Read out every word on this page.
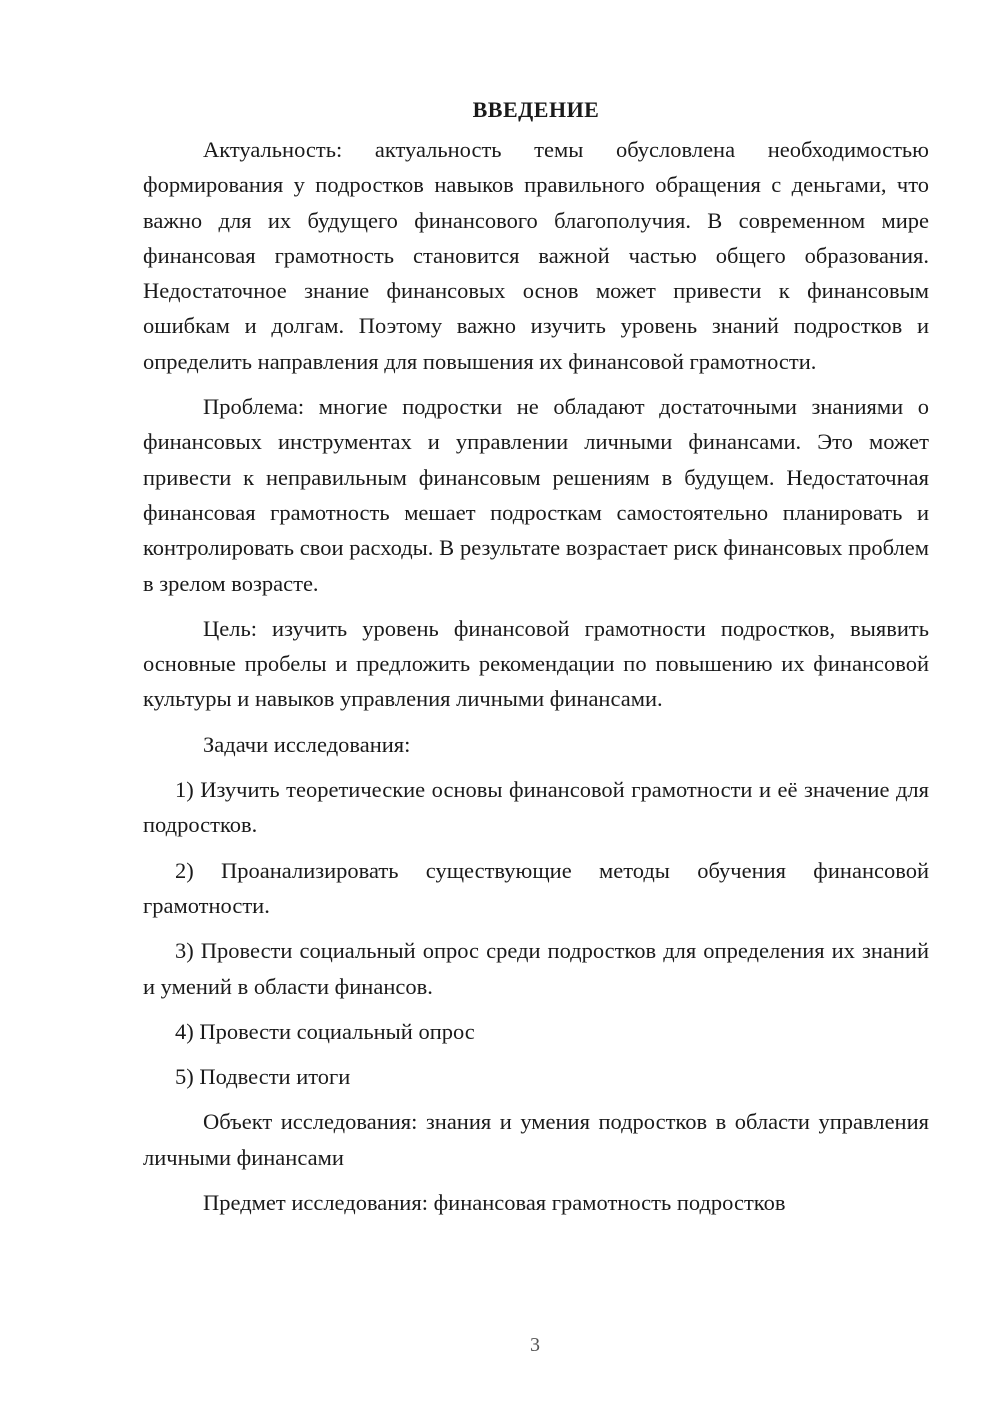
ВВЕДЕНИЕ

Актуальность: актуальность темы обусловлена необходимостью формирования у подростков навыков правильного обращения с деньгами, что важно для их будущего финансового благополучия. В современном мире финансовая грамотность становится важной частью общего образования. Недостаточное знание финансовых основ может привести к финансовым ошибкам и долгам. Поэтому важно изучить уровень знаний подростков и определить направления для повышения их финансовой грамотности.

Проблема: многие подростки не обладают достаточными знаниями о финансовых инструментах и управлении личными финансами. Это может привести к неправильным финансовым решениям в будущем. Недостаточная финансовая грамотность мешает подросткам самостоятельно планировать и контролировать свои расходы. В результате возрастает риск финансовых проблем в зрелом возрасте.

Цель: изучить уровень финансовой грамотности подростков, выявить основные пробелы и предложить рекомендации по повышению их финансовой культуры и навыков управления личными финансами.

Задачи исследования:

1) Изучить теоретические основы финансовой грамотности и её значение для подростков.

2) Проанализировать существующие методы обучения финансовой грамотности.

3) Провести социальный опрос среди подростков для определения их знаний и умений в области финансов.

4) Провести социальный опрос

5) Подвести итоги

Объект исследования: знания и умения подростков в области управления личными финансами

Предмет исследования: финансовая грамотность подростков

3
